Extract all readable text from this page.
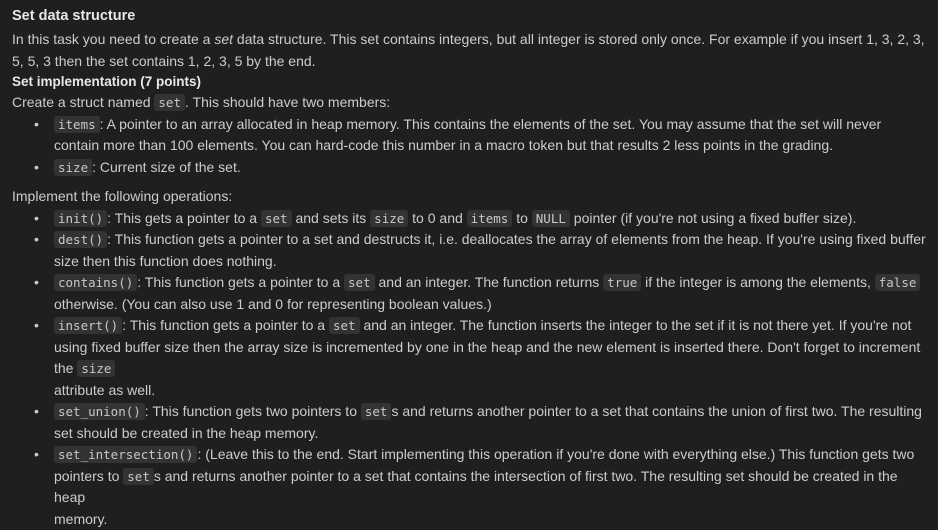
Set data structure

In this task you need to create a set data structure. This set contains integers, but all integer is stored only once. For example if you insert 1, 3, 2, 3, 5, 5, 3 then the set contains 1, 2, 3, 5 by the end.

Set implementation (7 points)

Create a struct named set . This should have two members:

• items : A pointer to an array allocated in heap memory. This contains the elements of the set. You may assume that the set will never contain more than 100 elements. You can hard-code this number in a macro token but that results 2 less points in the grading.
• size : Current size of the set.

Implement the following operations:

• init() : This gets a pointer to a set and sets its size to 0 and items to NULL pointer (if you're not using a fixed buffer size).
• dest() : This function gets a pointer to a set and destructs it, i.e. deallocates the array of elements from the heap. If you're using fixed buffer size then this function does nothing.
• contains() : This function gets a pointer to a set and an integer. The function returns true if the integer is among the elements, false otherwise. (You can also use 1 and 0 for representing boolean values.)
• insert() : This function gets a pointer to a set and an integer. The function inserts the integer to the set if it is not there yet. If you're not using fixed buffer size then the array size is incremented by one in the heap and the new element is inserted there. Don't forget to increment the size
attribute as well.
• set_union() : This function gets two pointers to set s and returns another pointer to a set that contains the union of first two. The resulting set should be created in the heap memory.
• set_intersection() : (Leave this to the end. Start implementing this operation if you're done with everything else.) This function gets two pointers to set s and returns another pointer to a set that contains the intersection of first two. The resulting set should be created in the heap
memory.
